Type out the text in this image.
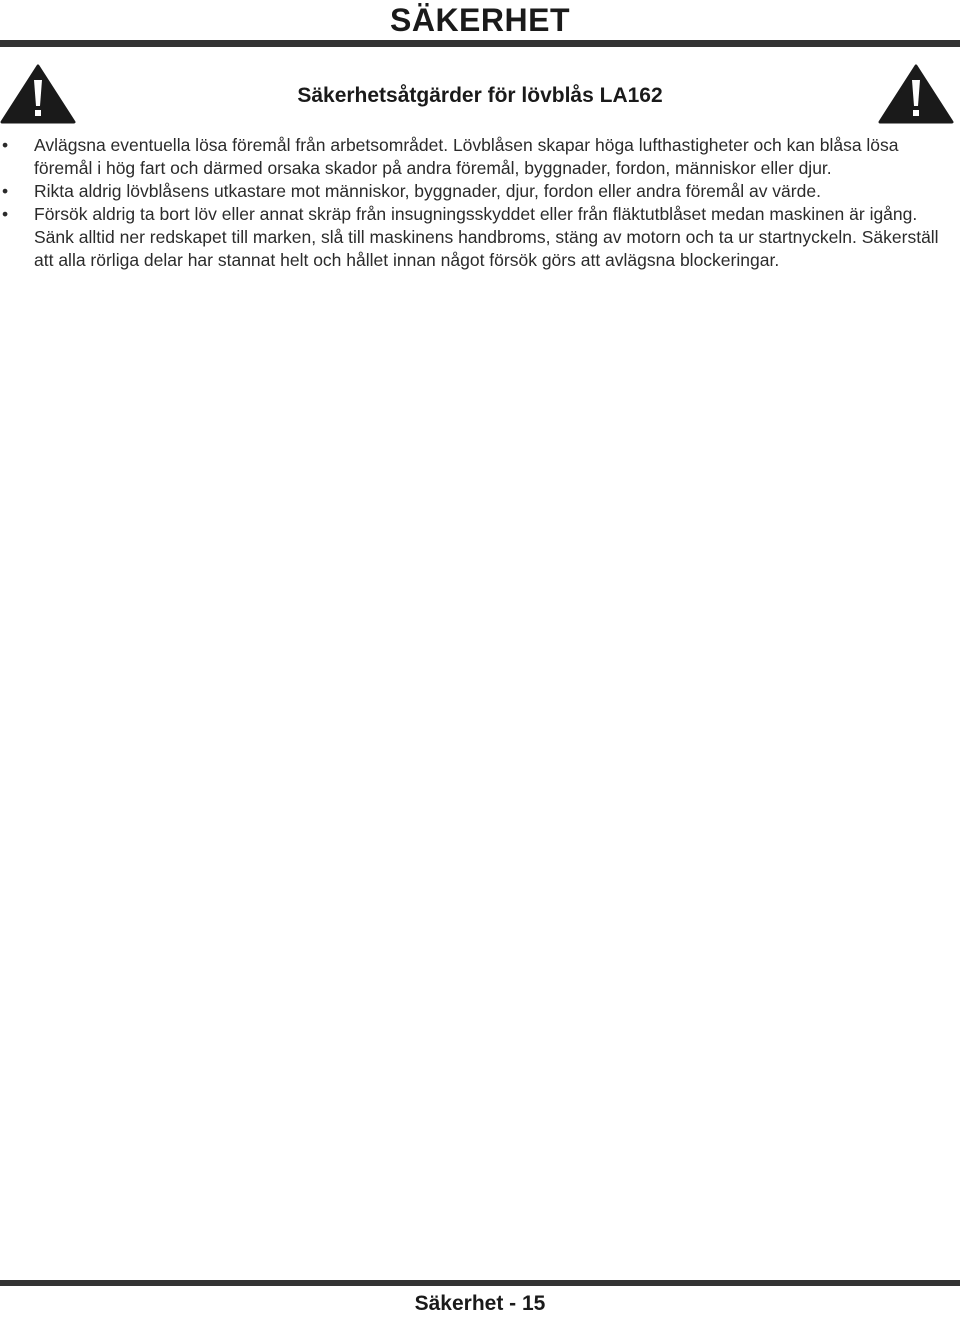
SÄKERHET
Säkerhetsåtgärder för lövblås LA162
•	Avlägsna eventuella lösa föremål från arbetsområdet. Lövblåsen skapar höga lufthastigheter och kan blåsa lösa föremål i hög fart och därmed orsaka skador på andra föremål, byggnader, fordon, människor eller djur.
•	Rikta aldrig lövblåsens utkastare mot människor, byggnader, djur, fordon eller andra föremål av värde.
•	Försök aldrig ta bort löv eller annat skräp från insugningsskyddet eller från fläktutblåset medan maskinen är igång. Sänk alltid ner redskapet till marken, slå till maskinens handbroms, stäng av motorn och ta ur startnyckeln. Säkerställ att alla rörliga delar har stannat helt och hållet innan något försök görs att avlägsna blockeringar.
Säkerhet - 15
